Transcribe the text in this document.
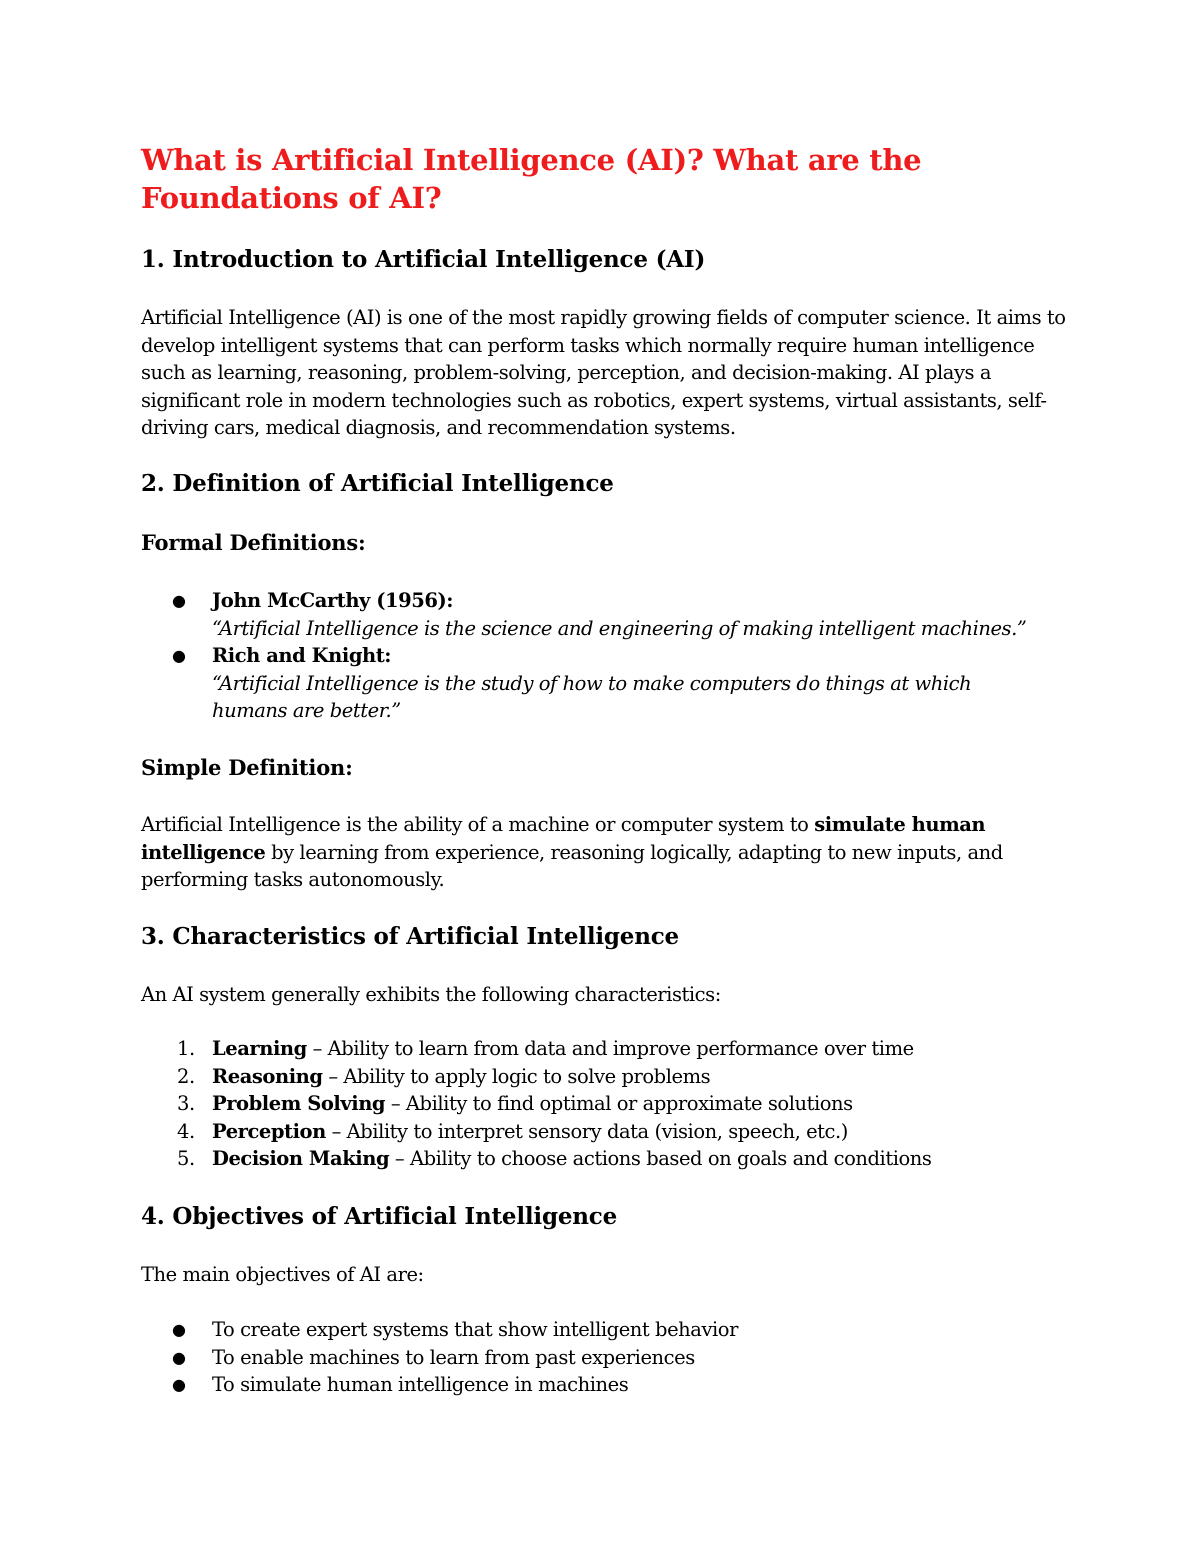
What is Artificial Intelligence (AI)? What are the Foundations of AI?
1. Introduction to Artificial Intelligence (AI)

Artificial Intelligence (AI) is one of the most rapidly growing fields of computer science. It aims to develop intelligent systems that can perform tasks which normally require human intelligence such as learning, reasoning, problem-solving, perception, and decision-making. AI plays a significant role in modern technologies such as robotics, expert systems, virtual assistants, self-driving cars, medical diagnosis, and recommendation systems.

2. Definition of Artificial Intelligence
Formal Definitions:
● John McCarthy (1956):
“Artificial Intelligence is the science and engineering of making intelligent machines.”
● Rich and Knight:
“Artificial Intelligence is the study of how to make computers do things at which humans are better.”
Simple Definition:

Artificial Intelligence is the ability of a machine or computer system to simulate human intelligence by learning from experience, reasoning logically, adapting to new inputs, and performing tasks autonomously.

3. Characteristics of Artificial Intelligence

An AI system generally exhibits the following characteristics:

1. Learning – Ability to learn from data and improve performance over time
2. Reasoning – Ability to apply logic to solve problems
3. Problem Solving – Ability to find optimal or approximate solutions
4. Perception – Ability to interpret sensory data (vision, speech, etc.)
5. Decision Making – Ability to choose actions based on goals and conditions
4. Objectives of Artificial Intelligence

The main objectives of AI are:

● To create expert systems that show intelligent behavior
● To enable machines to learn from past experiences
● To simulate human intelligence in machines
